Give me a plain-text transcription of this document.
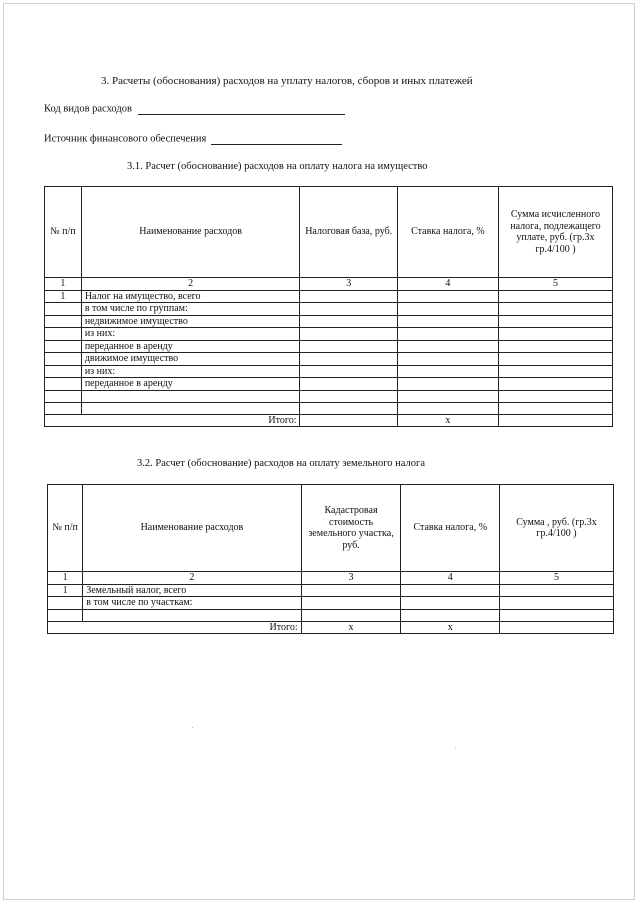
3. Расчеты (обоснования) расходов на уплату налогов, сборов и иных платежей
Код видов расходов
Источник финансового обеспечения
3.1. Расчет (обоснование) расходов на оплату налога на имущество
№ п/п	Наименование расходов	Налоговая база, руб.	Ставка налога, %	Сумма исчисленного налога, подлежащего уплате, руб. (гр.3х гр.4/100 )
1	2	3	4	5
1	Налог на имущество, всего			
	в том числе по группам:			
	недвижимое имущество			
	из них:			
	переданное в аренду			
	движимое имущество			
	из них:			
	переданное в аренду			

Итого:			х	
3.2. Расчет (обоснование) расходов на оплату земельного налога
№ п/п	Наименование расходов	Кадастровая стоимость земельного участка, руб.	Ставка налога, %	Сумма , руб. (гр.3х гр.4/100 )
1	2	3	4	5
1	Земельный налог, всего			
	в том числе по участкам:			

Итого:		х	х	
